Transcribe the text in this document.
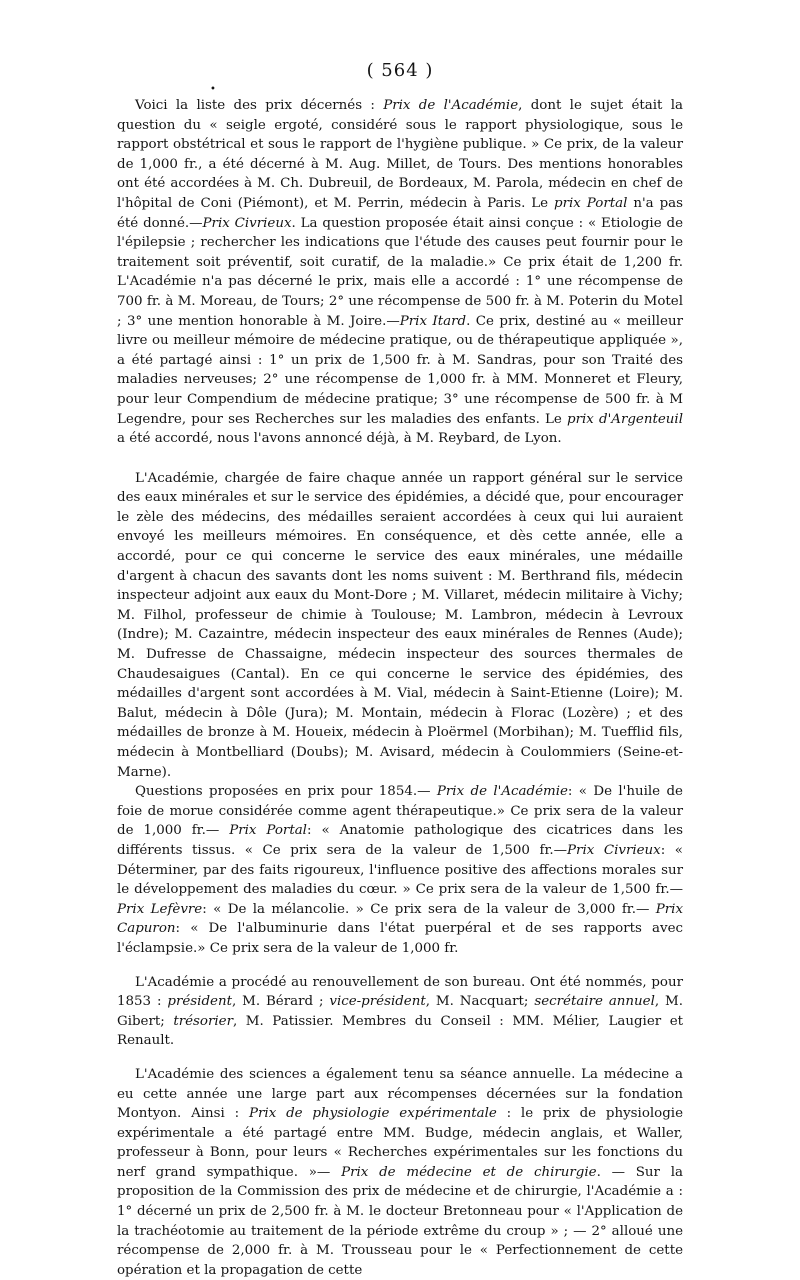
( 564 )
•

Voici la liste des prix décernés : Prix de l'Académie, dont le sujet était la question du « seigle ergoté, considéré sous le rapport physiologique, sous le rapport obstétrical et sous le rapport de l'hygiène publique. » Ce prix, de la valeur de 1,000 fr., a été décerné à M. Aug. Millet, de Tours. Des mentions honorables ont été accordées à M. Ch. Dubreuil, de Bordeaux, M. Parola, médecin en chef de l'hôpital de Coni (Piémont), et M. Perrin, médecin à Paris. Le prix Portal n'a pas été donné.—Prix Civrieux. La question proposée était ainsi conçue : « Etiologie de l'épilepsie ; rechercher les indications que l'étude des causes peut fournir pour le traitement soit préventif, soit curatif, de la maladie.» Ce prix était de 1,200 fr. L'Académie n'a pas décerné le prix, mais elle a accordé : 1° une récompense de 700 fr. à M. Moreau, de Tours; 2° une récompense de 500 fr. à M. Poterin du Motel ; 3° une mention honorable à M. Joire.—Prix Itard. Ce prix, destiné au « meilleur livre ou meilleur mémoire de médecine pratique, ou de thérapeutique appliquée », a été partagé ainsi : 1° un prix de 1,500 fr. à M. Sandras, pour son Traité des maladies nerveuses; 2° une récompense de 1,000 fr. à MM. Monneret et Fleury, pour leur Compendium de médecine pratique; 3° une récompense de 500 fr. à M Legendre, pour ses Recherches sur les maladies des enfants. Le prix d'Argenteuil a été accordé, nous l'avons annoncé déjà, à M. Reybard, de Lyon.

L'Académie, chargée de faire chaque année un rapport général sur le service des eaux minérales et sur le service des épidémies, a décidé que, pour encourager le zèle des médecins, des médailles seraient accordées à ceux qui lui auraient envoyé les meilleurs mémoires. En conséquence, et dès cette année, elle a accordé, pour ce qui concerne le service des eaux minérales, une médaille d'argent à chacun des savants dont les noms suivent : M. Berthrand fils, médecin inspecteur adjoint aux eaux du Mont-Dore ; M. Villaret, médecin militaire à Vichy; M. Filhol, professeur de chimie à Toulouse; M. Lambron, médecin à Levroux (Indre); M. Cazaintre, médecin inspecteur des eaux minérales de Rennes (Aude); M. Dufresse de Chassaigne, médecin inspecteur des sources thermales de Chaudesaigues (Cantal). En ce qui concerne le service des épidémies, des médailles d'argent sont accordées à M. Vial, médecin à Saint-Etienne (Loire); M. Balut, médecin à Dôle (Jura); M. Montain, médecin à Florac (Lozère) ; et des médailles de bronze à M. Houeix, médecin à Ploërmel (Morbihan); M. Tuefflid fils, médecin à Montbelliard (Doubs); M. Avisard, médecin à Coulommiers (Seine-et-Marne).

Questions proposées en prix pour 1854.— Prix de l'Académie: « De l'huile de foie de morue considérée comme agent thérapeutique.» Ce prix sera de la valeur de 1,000 fr.— Prix Portal: « Anatomie pathologique des cicatrices dans les différents tissus. « Ce prix sera de la valeur de 1,500 fr.—Prix Civrieux: « Déterminer, par des faits rigoureux, l'influence positive des affections morales sur le développement des maladies du cœur. » Ce prix sera de la valeur de 1,500 fr.— Prix Lefèvre: « De la mélancolie. » Ce prix sera de la valeur de 3,000 fr.— Prix Capuron: « De l'albuminurie dans l'état puerpéral et de ses rapports avec l'éclampsie.» Ce prix sera de la valeur de 1,000 fr.

L'Académie a procédé au renouvellement de son bureau. Ont été nommés, pour 1853 : président, M. Bérard ; vice-président, M. Nacquart; secrétaire annuel, M. Gibert; trésorier, M. Patissier. Membres du Conseil : MM. Mélier, Laugier et Renault.

L'Académie des sciences a également tenu sa séance annuelle. La médecine a eu cette année une large part aux récompenses décernées sur la fondation Montyon. Ainsi : Prix de physiologie expérimentale : le prix de physiologie expérimentale a été partagé entre MM. Budge, médecin anglais, et Waller, professeur à Bonn, pour leurs « Recherches expérimentales sur les fonctions du nerf grand sympathique. »— Prix de médecine et de chirurgie. — Sur la proposition de la Commission des prix de médecine et de chirurgie, l'Académie a : 1° décerné un prix de 2,500 fr. à M. le docteur Bretonneau pour « l'Application de la trachéotomie au traitement de la période extrême du croup » ; — 2° alloué une récompense de 2,000 fr. à M. Trousseau pour le « Perfectionnement de cette opération et la propagation de cette
